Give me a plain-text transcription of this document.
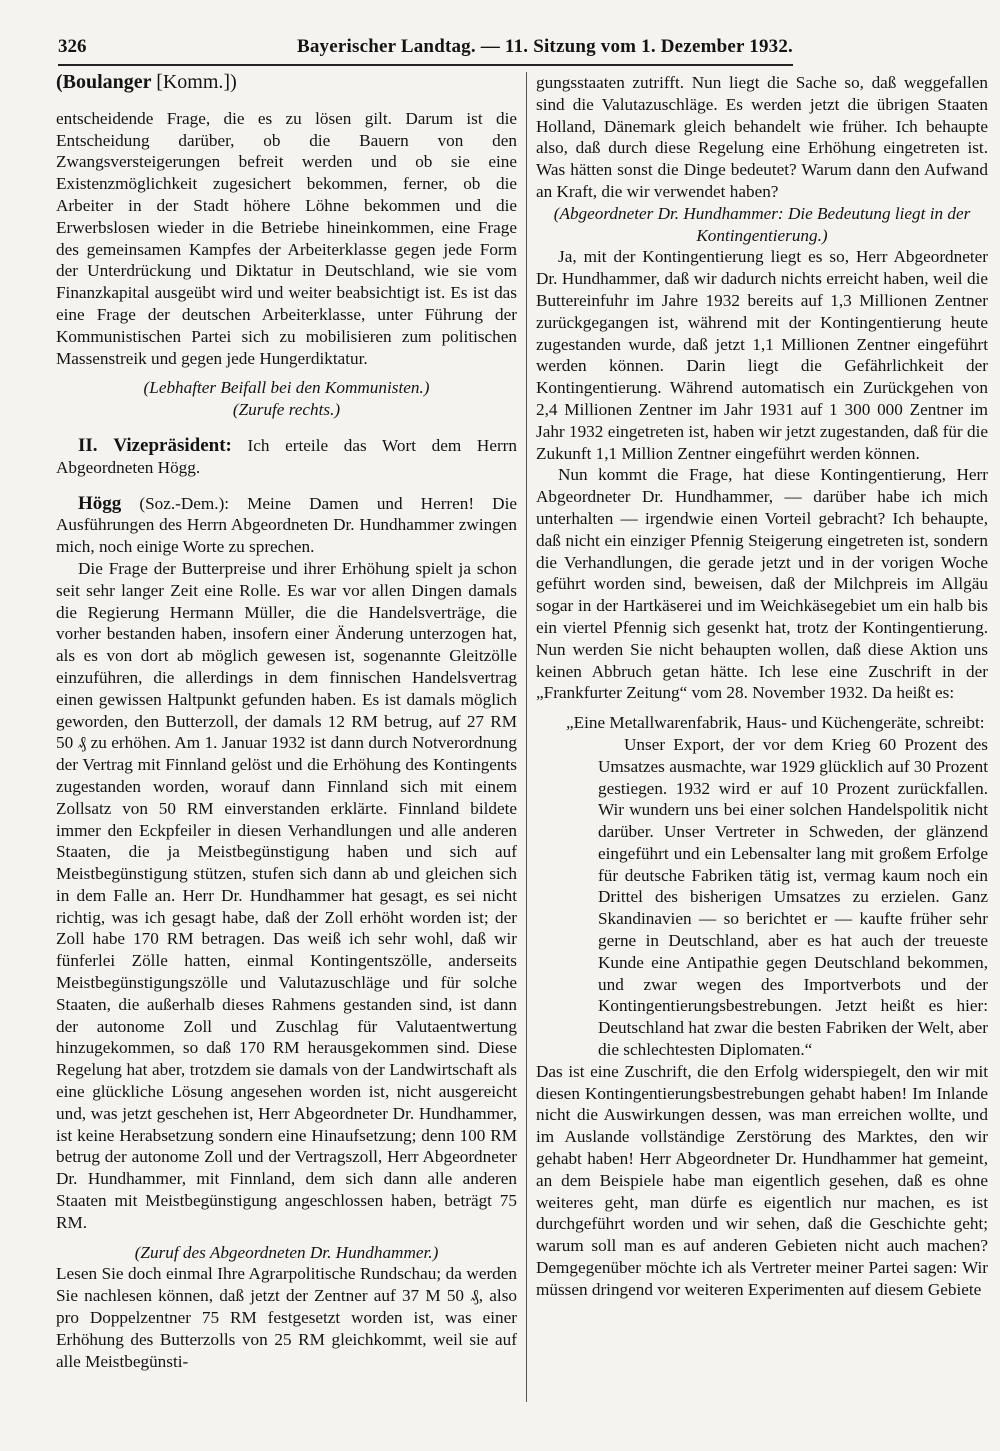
326	Bayerischer Landtag. — 11. Sitzung vom 1. Dezember 1932.
(Boulanger [Komm.])

entscheidende Frage, die es zu lösen gilt. Darum ist die Entscheidung darüber, ob die Bauern von den Zwangsversteigerungen befreit werden und ob sie eine Existenzmöglichkeit zugesichert bekommen, ferner, ob die Arbeiter in der Stadt höhere Löhne bekommen und die Erwerbslosen wieder in die Betriebe hineinkommen, eine Frage des gemeinsamen Kampfes der Arbeiterklasse gegen jede Form der Unterdrückung und Diktatur in Deutschland, wie sie vom Finanzkapital ausgeübt wird und weiter beabsichtigt ist. Es ist das eine Frage der deutschen Arbeiterklasse, unter Führung der Kommunistischen Partei sich zu mobilisieren zum politischen Massenstreik und gegen jede Hungerdiktatur.

(Lebhafter Beifall bei den Kommunisten.)

(Zurufe rechts.)

II. Vizepräsident: Ich erteile das Wort dem Herrn Abgeordneten Högg.

Högg (Soz.-Dem.): Meine Damen und Herren! Die Ausführungen des Herrn Abgeordneten Dr. Hundhammer zwingen mich, noch einige Worte zu sprechen.

Die Frage der Butterpreise und ihrer Erhöhung spielt ja schon seit sehr langer Zeit eine Rolle. Es war vor allen Dingen damals die Regierung Hermann Müller, die die Handelsverträge, die vorher bestanden haben, insofern einer Änderung unterzogen hat, als es von dort ab möglich gewesen ist, sogenannte Gleitzölle einzuführen, die allerdings in dem finnischen Handelsvertrag einen gewissen Haltpunkt gefunden haben. Es ist damals möglich geworden, den Butterzoll, der damals 12 RM betrug, auf 27 RM 50 ₰ zu erhöhen. Am 1. Januar 1932 ist dann durch Notverordnung der Vertrag mit Finnland gelöst und die Erhöhung des Kontingents zugestanden worden, worauf dann Finnland sich mit einem Zollsatz von 50 RM einverstanden erklärte. Finnland bildete immer den Eckpfeiler in diesen Verhandlungen und alle anderen Staaten, die ja Meistbegünstigung haben und sich auf Meistbegünstigung stützen, stufen sich dann ab und gleichen sich in dem Falle an. Herr Dr. Hundhammer hat gesagt, es sei nicht richtig, was ich gesagt habe, daß der Zoll erhöht worden ist; der Zoll habe 170 RM betragen. Das weiß ich sehr wohl, daß wir fünferlei Zölle hatten, einmal Kontingentszölle, anderseits Meistbegünstigungszölle und Valutazuschläge und für solche Staaten, die außerhalb dieses Rahmens gestanden sind, ist dann der autonome Zoll und Zuschlag für Valutaentwertung hinzugekommen, so daß 170 RM herausgekommen sind. Diese Regelung hat aber, trotzdem sie damals von der Landwirtschaft als eine glückliche Lösung angesehen worden ist, nicht ausgereicht und, was jetzt geschehen ist, Herr Abgeordneter Dr. Hundhammer, ist keine Herabsetzung sondern eine Hinaufsetzung; denn 100 RM betrug der autonome Zoll und der Vertragszoll, Herr Abgeordneter Dr. Hundhammer, mit Finnland, dem sich dann alle anderen Staaten mit Meistbegünstigung angeschlossen haben, beträgt 75 RM.

(Zuruf des Abgeordneten Dr. Hundhammer.)

Lesen Sie doch einmal Ihre Agrarpolitische Rundschau; da werden Sie nachlesen können, daß jetzt der Zentner auf 37 M 50 ₰, also pro Doppelzentner 75 RM festgesetzt worden ist, was einer Erhöhung des Butterzolls von 25 RM gleichkommt, weil sie auf alle Meistbegünsti-

gungsstaaten zutrifft. Nun liegt die Sache so, daß weggefallen sind die Valutazuschläge. Es werden jetzt die übrigen Staaten Holland, Dänemark gleich behandelt wie früher. Ich behaupte also, daß durch diese Regelung eine Erhöhung eingetreten ist. Was hätten sonst die Dinge bedeutet? Warum dann den Aufwand an Kraft, die wir verwendet haben?

(Abgeordneter Dr. Hundhammer: Die Bedeutung liegt in der Kontingentierung.)

Ja, mit der Kontingentierung liegt es so, Herr Abgeordneter Dr. Hundhammer, daß wir dadurch nichts erreicht haben, weil die Buttereinfuhr im Jahre 1932 bereits auf 1,3 Millionen Zentner zurückgegangen ist, während mit der Kontingentierung heute zugestanden wurde, daß jetzt 1,1 Millionen Zentner eingeführt werden können. Darin liegt die Gefährlichkeit der Kontingentierung. Während automatisch ein Zurückgehen von 2,4 Millionen Zentner im Jahr 1931 auf 1 300 000 Zentner im Jahr 1932 eingetreten ist, haben wir jetzt zugestanden, daß für die Zukunft 1,1 Million Zentner eingeführt werden können.

Nun kommt die Frage, hat diese Kontingentierung, Herr Abgeordneter Dr. Hundhammer, — darüber habe ich mich unterhalten — irgendwie einen Vorteil gebracht? Ich behaupte, daß nicht ein einziger Pfennig Steigerung eingetreten ist, sondern die Verhandlungen, die gerade jetzt und in der vorigen Woche geführt worden sind, beweisen, daß der Milchpreis im Allgäu sogar in der Hartkäserei und im Weichkäsegebiet um ein halb bis ein viertel Pfennig sich gesenkt hat, trotz der Kontingentierung. Nun werden Sie nicht behaupten wollen, daß diese Aktion uns keinen Abbruch getan hätte. Ich lese eine Zuschrift in der „Frankfurter Zeitung“ vom 28. November 1932. Da heißt es:

„Eine Metallwarenfabrik, Haus- und Küchengeräte, schreibt:

Unser Export, der vor dem Krieg 60 Prozent des Umsatzes ausmachte, war 1929 glücklich auf 30 Prozent gestiegen. 1932 wird er auf 10 Prozent zurückfallen. Wir wundern uns bei einer solchen Handelspolitik nicht darüber. Unser Vertreter in Schweden, der glänzend eingeführt und ein Lebensalter lang mit großem Erfolge für deutsche Fabriken tätig ist, vermag kaum noch ein Drittel des bisherigen Umsatzes zu erzielen. Ganz Skandinavien — so berichtet er — kaufte früher sehr gerne in Deutschland, aber es hat auch der treueste Kunde eine Antipathie gegen Deutschland bekommen, und zwar wegen des Importverbots und der Kontingentierungsbestrebungen. Jetzt heißt es hier: Deutschland hat zwar die besten Fabriken der Welt, aber die schlechtesten Diplomaten.“

Das ist eine Zuschrift, die den Erfolg widerspiegelt, den wir mit diesen Kontingentierungsbestrebungen gehabt haben! Im Inlande nicht die Auswirkungen dessen, was man erreichen wollte, und im Auslande vollständige Zerstörung des Marktes, den wir gehabt haben! Herr Abgeordneter Dr. Hundhammer hat gemeint, an dem Beispiele habe man eigentlich gesehen, daß es ohne weiteres geht, man dürfe es eigentlich nur machen, es ist durchgeführt worden und wir sehen, daß die Geschichte geht; warum soll man es auf anderen Gebieten nicht auch machen? Demgegenüber möchte ich als Vertreter meiner Partei sagen: Wir müssen dringend vor weiteren Experimenten auf diesem Gebiete
